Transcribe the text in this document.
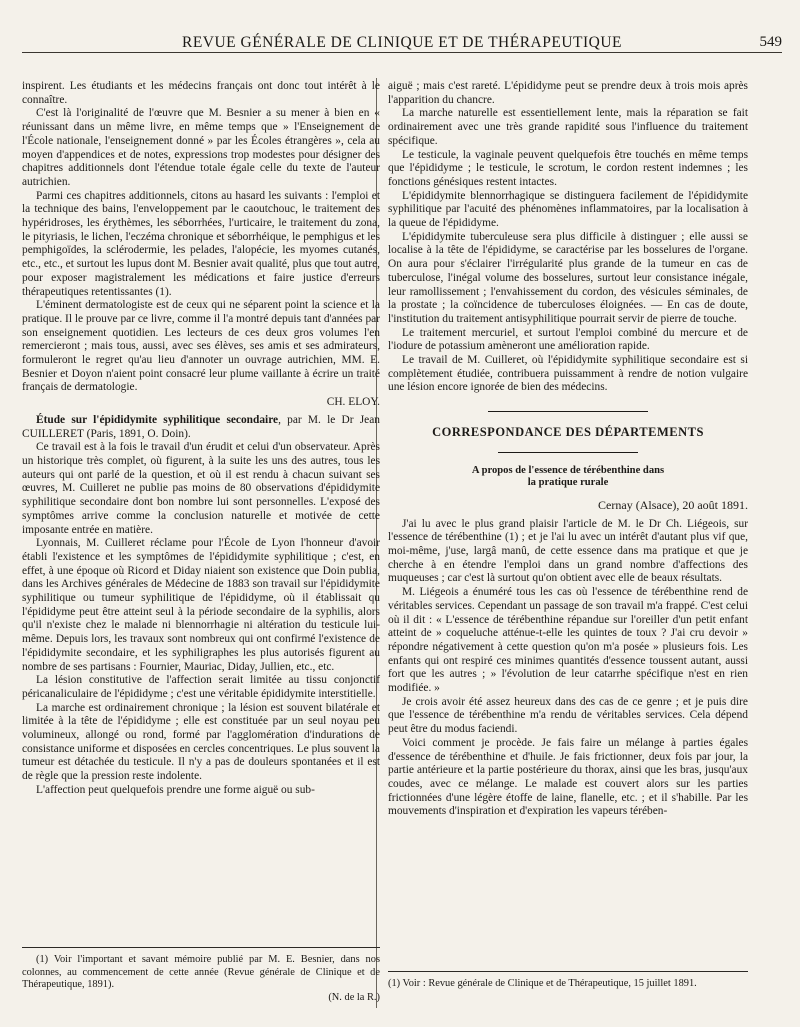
REVUE GÉNÉRALE DE CLINIQUE ET DE THÉRAPEUTIQUE	549

inspirent. Les étudiants et les médecins français ont donc tout intérêt à le connaître.

C'est là l'originalité de l'œuvre que M. Besnier a su mener à bien en « réunissant dans un même livre, en même temps que » l'Enseignement de l'École nationale, l'enseignement donné » par les Écoles étrangères », cela au moyen d'appendices et de notes, expressions trop modestes pour désigner des chapitres additionnels dont l'étendue totale égale celle du texte de l'auteur autrichien.

Parmi ces chapitres additionnels, citons au hasard les suivants : l'emploi et la technique des bains, l'enveloppement par le caoutchouc, le traitement des hypéridroses, les érythèmes, les séborrhées, l'urticaire, le traitement du zona, le pityriasis, le lichen, l'eczéma chronique et séborrhéique, le pemphigus et les pemphigoïdes, la sclérodermie, les pelades, l'alopécie, les myomes cutanés, etc., etc., et surtout les lupus dont M. Besnier avait qualité, plus que tout autre, pour exposer magistralement les médications et faire justice d'erreurs thérapeutiques retentissantes (1).

L'éminent dermatologiste est de ceux qui ne séparent point la science et la pratique. Il le prouve par ce livre, comme il l'a montré depuis tant d'années par son enseignement quotidien. Les lecteurs de ces deux gros volumes l'en remercieront ; mais tous, aussi, avec ses élèves, ses amis et ses admirateurs, formuleront le regret qu'au lieu d'annoter un ouvrage autrichien, MM. E. Besnier et Doyon n'aient point consacré leur plume vaillante à écrire un traité français de dermatologie.

CH. ELOY.

Étude sur l'épididymite syphilitique secondaire, par M. le Dr Jean CUILLERET (Paris, 1891, O. Doin).

Ce travail est à la fois le travail d'un érudit et celui d'un observateur. Après un historique très complet, où figurent, à la suite les uns des autres, tous les auteurs qui ont parlé de la question, et où il est rendu à chacun suivant ses œuvres, M. Cuilleret ne publie pas moins de 80 observations d'épididymite syphilitique secondaire dont bon nombre lui sont personnelles. L'exposé des symptômes arrive comme la conclusion naturelle et motivée de cette imposante entrée en matière.

Lyonnais, M. Cuilleret réclame pour l'École de Lyon l'honneur d'avoir établi l'existence et les symptômes de l'épididymite syphilitique ; c'est, en effet, à une époque où Ricord et Diday niaient son existence que Doin publia, dans les Archives générales de Médecine de 1883 son travail sur l'épididymite syphilitique ou tumeur syphilitique de l'épididyme, où il établissait qu l'épididyme peut être atteint seul à la période secondaire de la syphilis, alors qu'il n'existe chez le malade ni blennorrhagie ni altération du testicule lui-même. Depuis lors, les travaux sont nombreux qui ont confirmé l'existence de l'épididymite secondaire, et les syphiligraphes les plus autorisés figurent au nombre de ses partisans : Fournier, Mauriac, Diday, Jullien, etc., etc.

La lésion constitutive de l'affection serait limitée au tissu conjonctif péricanaliculaire de l'épididyme ; c'est une véritable épididymite interstitielle.

La marche est ordinairement chronique ; la lésion est souvent bilatérale et limitée à la tête de l'épididyme ; elle est constituée par un seul noyau peu volumineux, allongé ou rond, formé par l'agglomération d'indurations de consistance uniforme et disposées en cercles concentriques. Le plus souvent la tumeur est détachée du testicule. Il n'y a pas de douleurs spontanées et il est de règle que la pression reste indolente.

L'affection peut quelquefois prendre une forme aiguë ou sub-

(1) Voir l'important et savant mémoire publié par M. E. Besnier, dans nos colonnes, au commencement de cette année (Revue générale de Clinique et de Thérapeutique, 1891).

(N. de la R.)

aiguë ; mais c'est rareté. L'épididyme peut se prendre deux à trois mois après l'apparition du chancre.

La marche naturelle est essentiellement lente, mais la réparation se fait ordinairement avec une très grande rapidité sous l'influence du traitement spécifique.

Le testicule, la vaginale peuvent quelquefois être touchés en même temps que l'épididyme ; le testicule, le scrotum, le cordon restent indemnes ; les fonctions génésiques restent intactes.

L'épididymite blennorrhagique se distinguera facilement de l'épididymite syphilitique par l'acuité des phénomènes inflammatoires, par la localisation à la queue de l'épididyme.

L'épididymite tuberculeuse sera plus difficile à distinguer ; elle aussi se localise à la tête de l'épididyme, se caractérise par les bosselures de l'organe. On aura pour s'éclairer l'irrégularité plus grande de la tumeur en cas de tuberculose, l'inégal volume des bosselures, surtout leur consistance inégale, leur ramollissement ; l'envahissement du cordon, des vésicules séminales, de la prostate ; la coïncidence de tuberculoses éloignées. — En cas de doute, l'institution du traitement antisyphilitique pourrait servir de pierre de touche.

Le traitement mercuriel, et surtout l'emploi combiné du mercure et de l'iodure de potassium amèneront une amélioration rapide.

Le travail de M. Cuilleret, où l'épididymite syphilitique secondaire est si complètement étudiée, contribuera puissamment à rendre de notion vulgaire une lésion encore ignorée de bien des médecins.

CORRESPONDANCE DES DÉPARTEMENTS
A propos de l'essence de térébenthine dans
la pratique rurale
Cernay (Alsace), 20 août 1891.

J'ai lu avec le plus grand plaisir l'article de M. le Dr Ch. Liégeois, sur l'essence de térébenthine (1) ; et je l'ai lu avec un intérêt d'autant plus vif que, moi-même, j'use, largâ manû, de cette essence dans ma pratique et que je cherche à en étendre l'emploi dans un grand nombre d'affections des muqueuses ; car c'est là surtout qu'on obtient avec elle de beaux résultats.

M. Liégeois a énuméré tous les cas où l'essence de térébenthine rend de véritables services. Cependant un passage de son travail m'a frappé. C'est celui où il dit : « L'essence de térébenthine répandue sur l'oreiller d'un petit enfant atteint de » coqueluche atténue-t-elle les quintes de toux ? J'ai cru devoir » répondre négativement à cette question qu'on m'a posée » plusieurs fois. Les enfants qui ont respiré ces minimes quantités d'essence toussent autant, aussi fort que les autres ; » l'évolution de leur catarrhe spécifique n'est en rien modifiée. »

Je crois avoir été assez heureux dans des cas de ce genre ; et je puis dire que l'essence de térébenthine m'a rendu de véritables services. Cela dépend peut être du modus faciendi.

Voici comment je procède. Je fais faire un mélange à parties égales d'essence de térébenthine et d'huile. Je fais frictionner, deux fois par jour, la partie antérieure et la partie postérieure du thorax, ainsi que les bras, jusqu'aux coudes, avec ce mélange. Le malade est couvert alors sur les parties frictionnées d'une légère étoffe de laine, flanelle, etc. ; et il s'habille. Par les mouvements d'inspiration et d'expiration les vapeurs térében-

(1) Voir : Revue générale de Clinique et de Thérapeutique, 15 juillet 1891.
